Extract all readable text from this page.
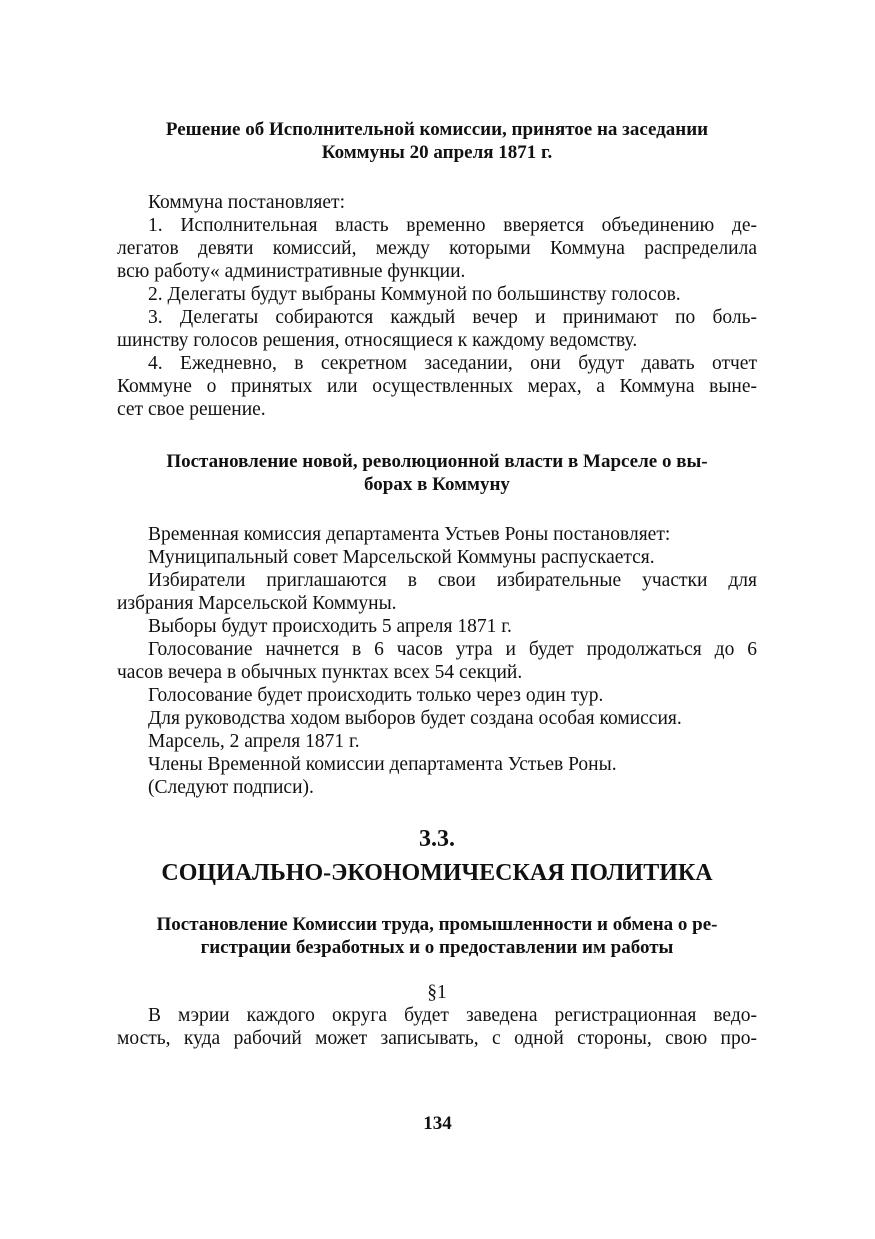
Решение об Исполнительной комиссии, принятое на заседании
Коммуны 20 апреля 1871 г.

Коммуна постановляет:

1. Исполнительная власть временно вверяется объединению де-
легатов девяти комиссий, между которыми Коммуна распределила
всю работу« административные функции.

2. Делегаты будут выбраны Коммуной по большинству голосов.

3. Делегаты собираются каждый вечер и принимают по боль-
шинству голосов решения, относящиеся к каждому ведомству.

4. Ежедневно, в секретном заседании, они будут давать отчет
Коммуне о принятых или осуществленных мерах, а Коммуна выне-
сет свое решение.

Постановление новой, революционной власти в Марселе о вы-
борах в Коммуну

Временная комиссия департамента Устьев Роны постановляет:

Муниципальный совет Марсельской Коммуны распускается.

Избиратели приглашаются в свои избирательные участки для
избрания Марсельской Коммуны.

Выборы будут происходить 5 апреля 1871 г.

Голосование начнется в 6 часов утра и будет продолжаться до 6
часов вечера в обычных пунктах всех 54 секций.

Голосование будет происходить только через один тур.

Для руководства ходом выборов будет создана особая комиссия.

Марсель, 2 апреля 1871 г.

Члены Временной комиссии департамента Устьев Роны.

(Следуют подписи).

3.3.
СОЦИАЛЬНО-ЭКОНОМИЧЕСКАЯ ПОЛИТИКА
Постановление Комиссии труда, промышленности и обмена о ре-
гистрации безработных и о предоставлении им работы
§1

В мэрии каждого округа будет заведена регистрационная ведо-
мость, куда рабочий может записывать, с одной стороны, свою про-

134
